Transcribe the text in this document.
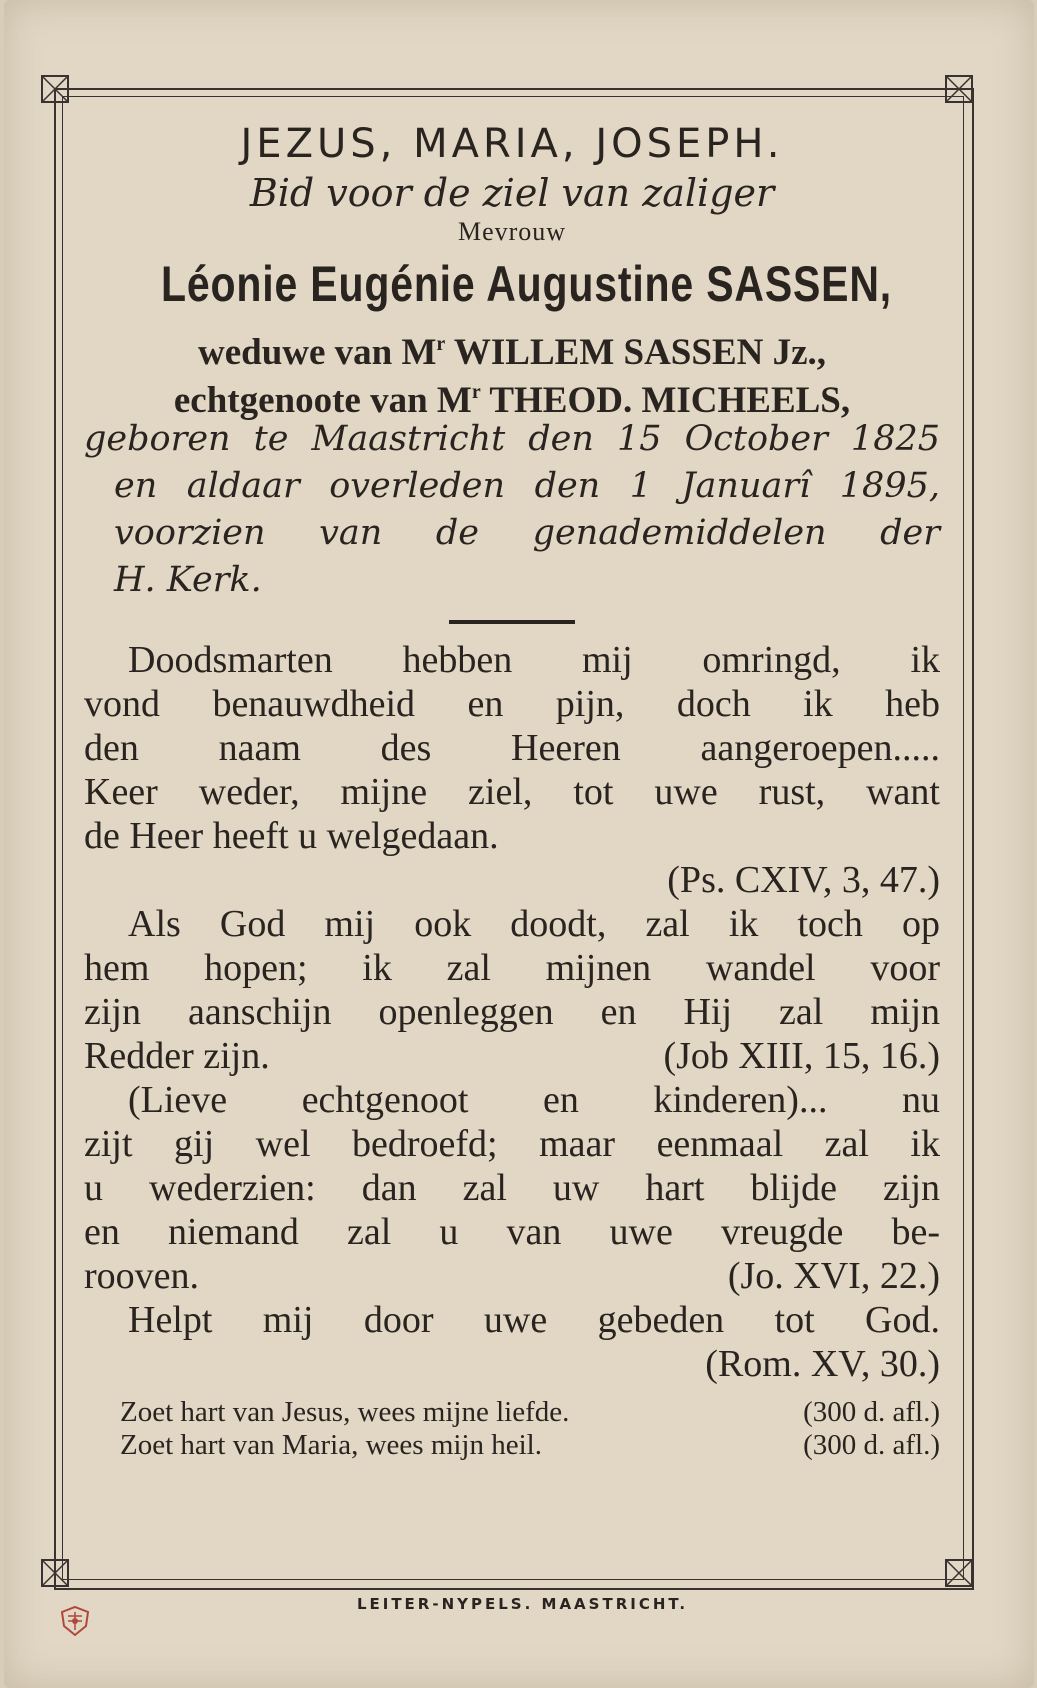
JEZUS, MARIA, JOSEPH.
Bid voor de ziel van zaliger
Mevrouw
Léonie Eugénie Augustine SASSEN,
weduwe van $M^r$ WILLEM SASSEN Jz.,
echtgenoote van $M^r$ THEOD. MICHEELS,
geboren te Maastricht den 15 October 1825
en aldaar overleden den 1 Januarî 1895,
voorzien van de genademiddelen der
H. Kerk.
Doodsmarten hebben mij omringd, ik
vond benauwdheid en pijn, doch ik heb
den naam des Heeren aangeroepen.....
Keer weder, mijne ziel, tot uwe rust, want
de Heer heeft u welgedaan.
(Ps. CXIV, 3, 47.)
Als God mij ook doodt, zal ik toch op
hem hopen; ik zal mijnen wandel voor
zijn aanschijn openleggen en Hij zal mijn
Redder zijn.	(Job XIII, 15, 16.)
(Lieve echtgenoot en kinderen)... nu
zijt gij wel bedroefd; maar eenmaal zal ik
u wederzien: dan zal uw hart blijde zijn
en niemand zal u van uwe vreugde be-
rooven.	(Jo. XVI, 22.)
Helpt mij door uwe gebeden tot God.
(Rom. XV, 30.)
Zoet hart van Jesus, wees mijne liefde.	(300 d. afl.)
Zoet hart van Maria, wees mijn heil.	(300 d. afl.)
LEITER-NYPELS. MAASTRICHT.
